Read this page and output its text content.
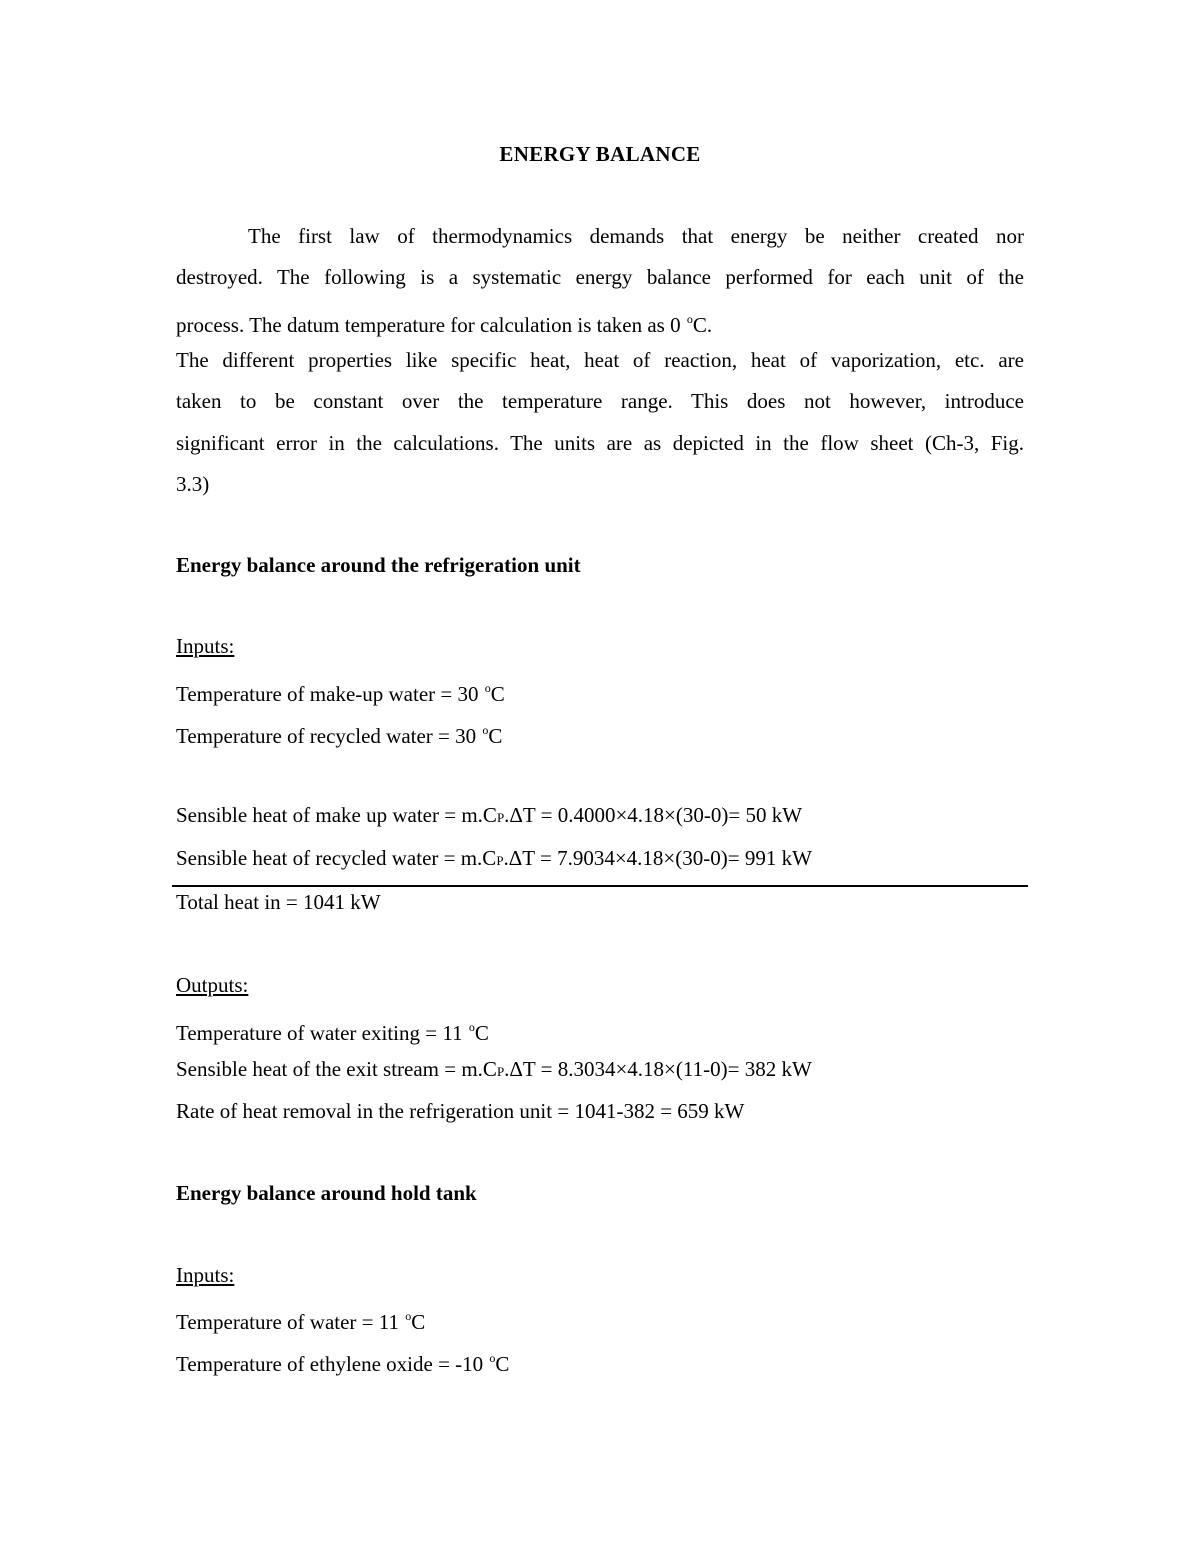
ENERGY BALANCE
The first law of thermodynamics demands that energy be neither created nor
destroyed. The following is a systematic energy balance performed for each unit of the
process. The datum temperature for calculation is taken as 0 $^o$C.
The different properties like specific heat, heat of reaction, heat of vaporization, etc. are
taken to be constant over the temperature range. This does not however, introduce
significant error in the calculations. The units are as depicted in the flow sheet (Ch-3, Fig.
3.3)
Energy balance around the refrigeration unit
Inputs:
Temperature of make-up water = 30 $^o$C
Temperature of recycled water = 30 $^o$C
Sensible heat of make up water = m.CP.ΔT = 0.4000×4.18×(30-0)= 50 kW
Sensible heat of recycled water = m.CP.ΔT = 7.9034×4.18×(30-0)= 991 kW
Total heat in = 1041 kW
Outputs:
Temperature of water exiting = 11 $^o$C
Sensible heat of the exit stream = m.CP.ΔT = 8.3034×4.18×(11-0)= 382 kW
Rate of heat removal in the refrigeration unit = 1041-382 = 659 kW
Energy balance around hold tank
Inputs:
Temperature of water = 11 $^o$C
Temperature of ethylene oxide = -10 $^o$C
